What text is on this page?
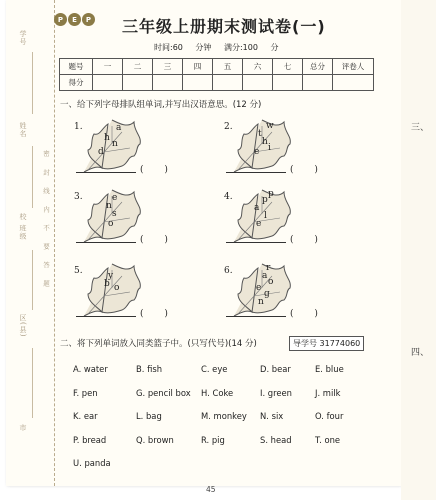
学号
姓名
校 班级
区(县)
市
密 封 线 内 不 要 答 题
P	E	P 三年级上册期末测试卷(一)
时间:60 分钟 满分:100 分
题号	一	二	三	四	五	六	七	总分	评卷人
得分									
一、给下列字母排队组单词,并写出汉语意思。(12 分)
1.	a
h
n
d
( )
2.	w
t
h
i
e
( )
3.	e
n
s
o
( )
4.	p
p
a
l
e
( )
5.	y
b o
( )
6.	r
a
o
e
g
n
( )
二、将下列单词放入同类篮子中。(只写代号)(14 分)	导学号 31774060
A. water	B. fish	C. eye	D. bear	E. blue
F. pen	G. pencil box H. Coke	I. green	J. milk
K. ear	L. bag	M. monkey N. six	O. four
P. bread	Q. brown	R. pig	S. head	T. one
U. panda
45
三、
四、
